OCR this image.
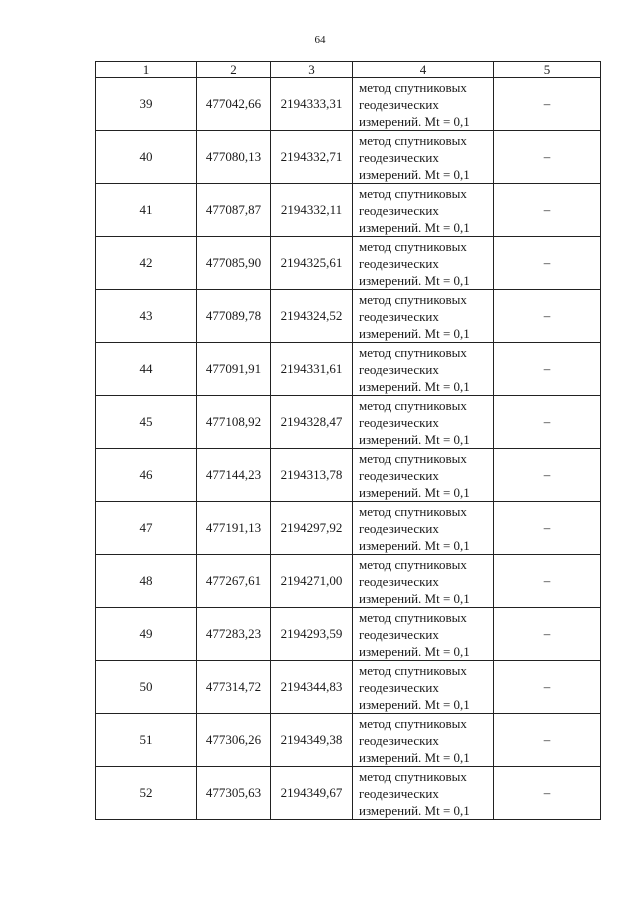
64
1	2	3	4	5
39	477042,66	2194333,31	метод спутниковых
геодезических
измерений. Mt = 0,1	–
40	477080,13	2194332,71	метод спутниковых
геодезических
измерений. Mt = 0,1	–
41	477087,87	2194332,11	метод спутниковых
геодезических
измерений. Mt = 0,1	–
42	477085,90	2194325,61	метод спутниковых
геодезических
измерений. Mt = 0,1	–
43	477089,78	2194324,52	метод спутниковых
геодезических
измерений. Mt = 0,1	–
44	477091,91	2194331,61	метод спутниковых
геодезических
измерений. Mt = 0,1	–
45	477108,92	2194328,47	метод спутниковых
геодезических
измерений. Mt = 0,1	–
46	477144,23	2194313,78	метод спутниковых
геодезических
измерений. Mt = 0,1	–
47	477191,13	2194297,92	метод спутниковых
геодезических
измерений. Mt = 0,1	–
48	477267,61	2194271,00	метод спутниковых
геодезических
измерений. Mt = 0,1	–
49	477283,23	2194293,59	метод спутниковых
геодезических
измерений. Mt = 0,1	–
50	477314,72	2194344,83	метод спутниковых
геодезических
измерений. Mt = 0,1	–
51	477306,26	2194349,38	метод спутниковых
геодезических
измерений. Mt = 0,1	–
52	477305,63	2194349,67	метод спутниковых
геодезических
измерений. Mt = 0,1	–
